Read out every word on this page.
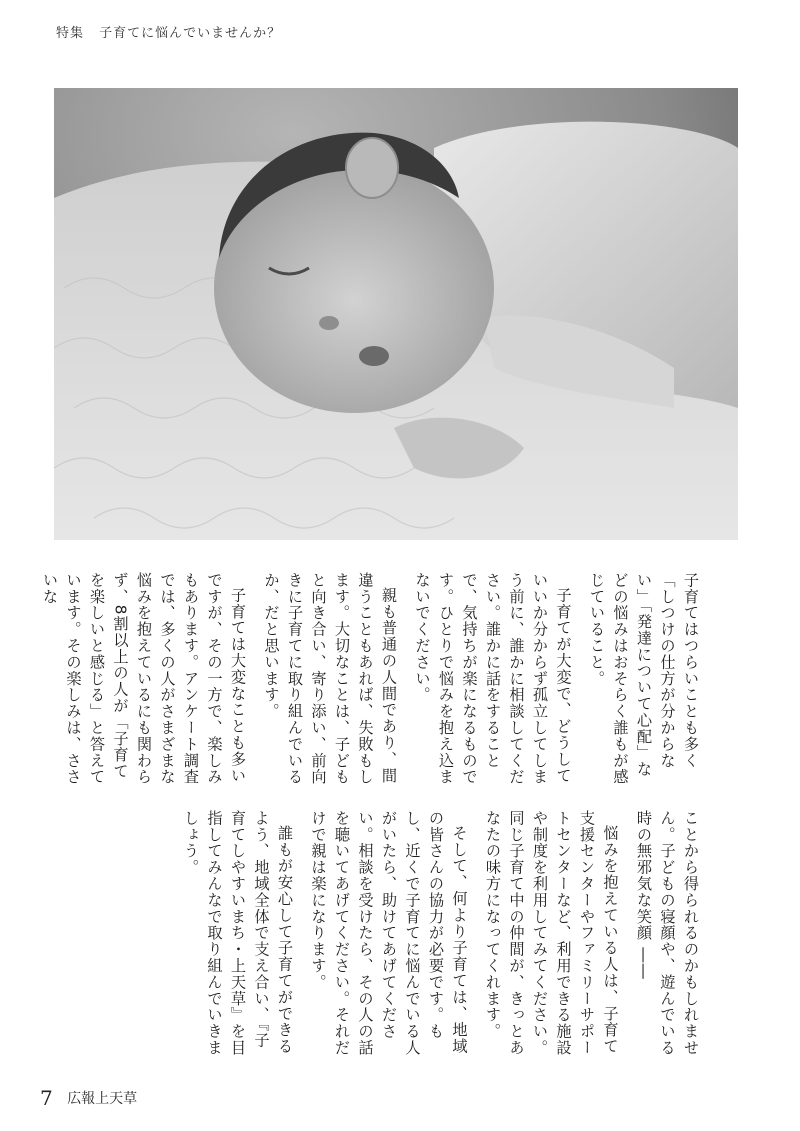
特集 子育てに悩んでいませんか？

子育てはつらいことも多く「しつけの仕方が分からない」「発達について心配」などの悩みはおそらく誰もが感じていること。

子育てが大変で、どうしていいか分からず孤立してしまう前に、誰かに相談してください。誰かに話をすることで、気持ちが楽になるものです。ひとりで悩みを抱え込まないでください。

親も普通の人間であり、間違うこともあれば、失敗もします。大切なことは、子どもと向き合い、寄り添い、前向きに子育てに取り組んでいるか、だと思います。

子育ては大変なことも多いですが、その一方で、楽しみもあります。アンケート調査では、多くの人がさまざまな悩みを抱えているにも関わらず、8割以上の人が「子育てを楽しいと感じる」と答えています。その楽しみは、ささいな

ことから得られるのかもしれません。子どもの寝顔や、遊んでいる時の無邪気な笑顔 ――

悩みを抱えている人は、子育て支援センターやファミリーサポートセンターなど、利用できる施設や制度を利用してみてください。同じ子育て中の仲間が、きっとあなたの味方になってくれます。

そして、何より子育ては、地域の皆さんの協力が必要です。もし、近くで子育てに悩んでいる人がいたら、助けてあげてください。相談を受けたら、その人の話を聴いてあげてください。それだけで親は楽になります。

誰もが安心して子育てができるよう、地域全体で支え合い、『子育てしやすいまち・上天草』を目指してみんなで取り組んでいきましょう。

7 広報上天草
